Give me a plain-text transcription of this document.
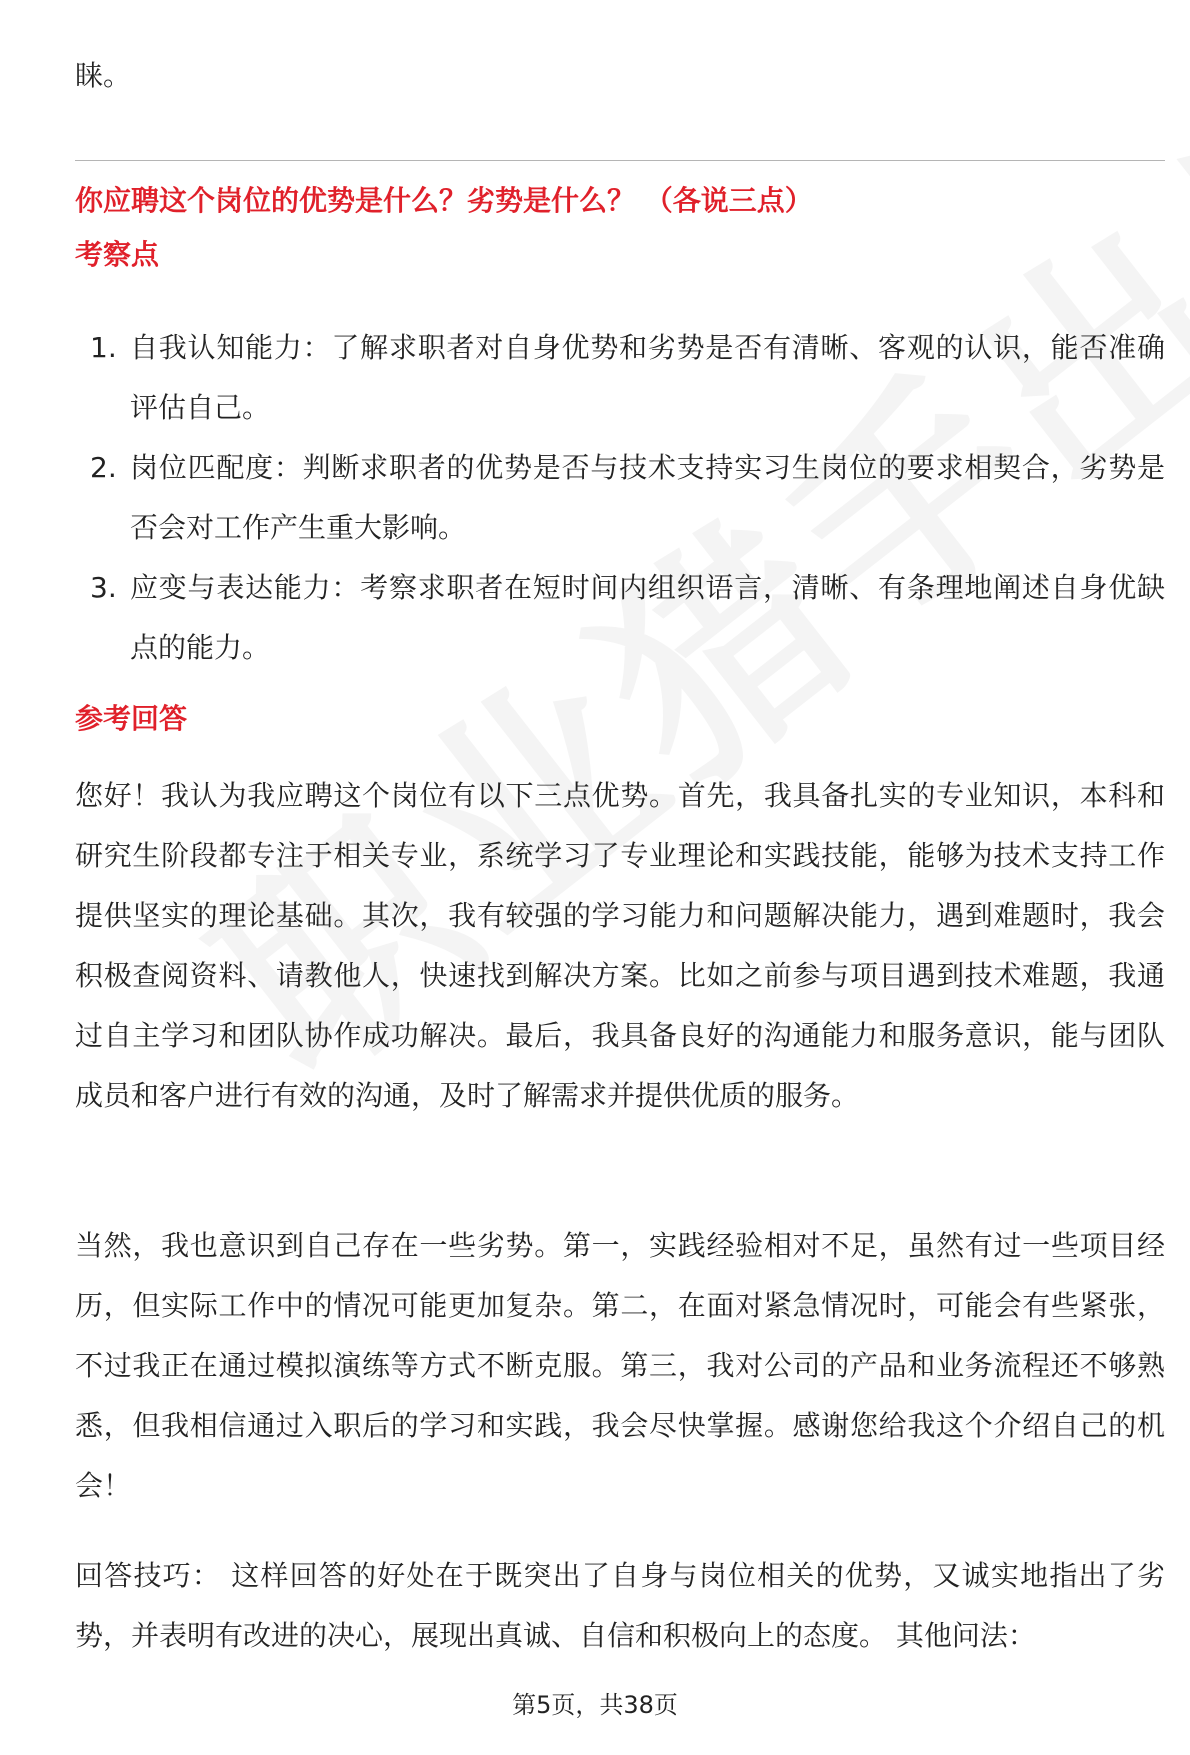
睐。
你应聘这个岗位的优势是什么？劣势是什么？ （各说三点）
考察点
1. 自我认知能力：了解求职者对自身优势和劣势是否有清晰、客观的认识，能否准确评估自己。
2. 岗位匹配度：判断求职者的优势是否与技术支持实习生岗位的要求相契合，劣势是否会对工作产生重大影响。
3. 应变与表达能力：考察求职者在短时间内组织语言，清晰、有条理地阐述自身优缺点的能力。
参考回答

您好！我认为我应聘这个岗位有以下三点优势。首先，我具备扎实的专业知识，本科和研究生阶段都专注于相关专业，系统学习了专业理论和实践技能，能够为技术支持工作提供坚实的理论基础。其次，我有较强的学习能力和问题解决能力，遇到难题时，我会积极查阅资料、请教他人，快速找到解决方案。比如之前参与项目遇到技术难题，我通过自主学习和团队协作成功解决。最后，我具备良好的沟通能力和服务意识，能与团队成员和客户进行有效的沟通，及时了解需求并提供优质的服务。

当然，我也意识到自己存在一些劣势。第一，实践经验相对不足，虽然有过一些项目经历，但实际工作中的情况可能更加复杂。第二，在面对紧急情况时，可能会有些紧张，不过我正在通过模拟演练等方式不断克服。第三，我对公司的产品和业务流程还不够熟悉，但我相信通过入职后的学习和实践，我会尽快掌握。感谢您给我这个介绍自己的机会！

回答技巧： 这样回答的好处在于既突出了自身与岗位相关的优势，又诚实地指出了劣势，并表明有改进的决心，展现出真诚、自信和积极向上的态度。 其他问法：

第5页，共38页
